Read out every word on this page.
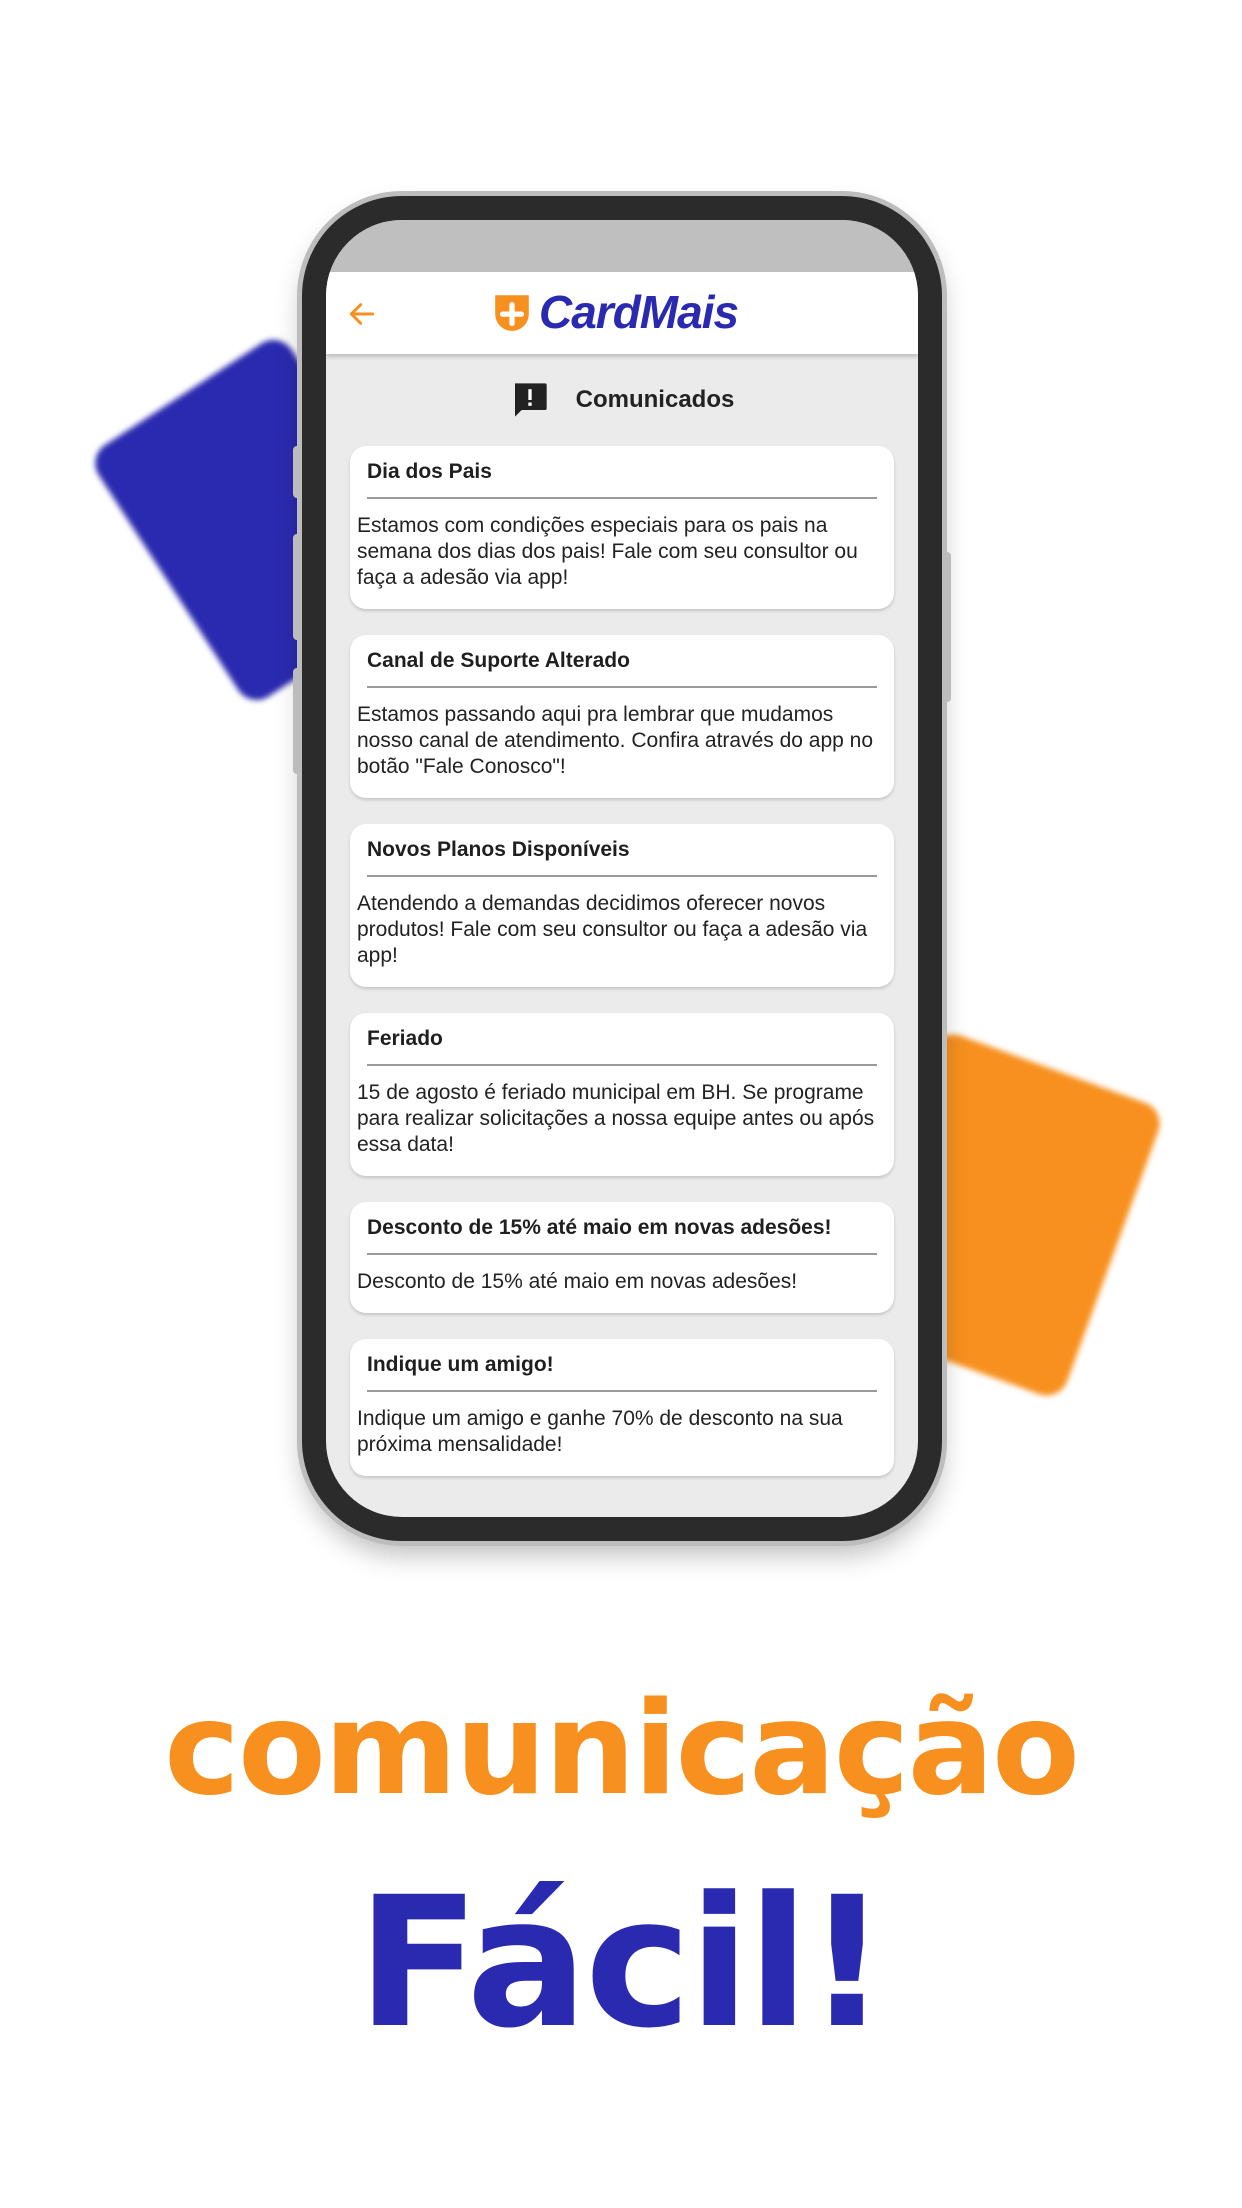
CardMais
Comunicados
Dia dos Pais
Estamos com condições especiais para os pais na semana dos dias dos pais! Fale com seu consultor ou faça a adesão via app!
Canal de Suporte Alterado
Estamos passando aqui pra lembrar que mudamos nosso canal de atendimento. Confira através do app no botão "Fale Conosco"!
Novos Planos Disponíveis
Atendendo a demandas decidimos oferecer novos produtos! Fale com seu consultor ou faça a adesão via app!
Feriado
15 de agosto é feriado municipal em BH. Se programe para realizar solicitações a nossa equipe antes ou após essa data!
Desconto de 15% até maio em novas adesões!
Desconto de 15% até maio em novas adesões!
Indique um amigo!
Indique um amigo e ganhe 70% de desconto na sua próxima mensalidade!
comunicação
Fácil!
